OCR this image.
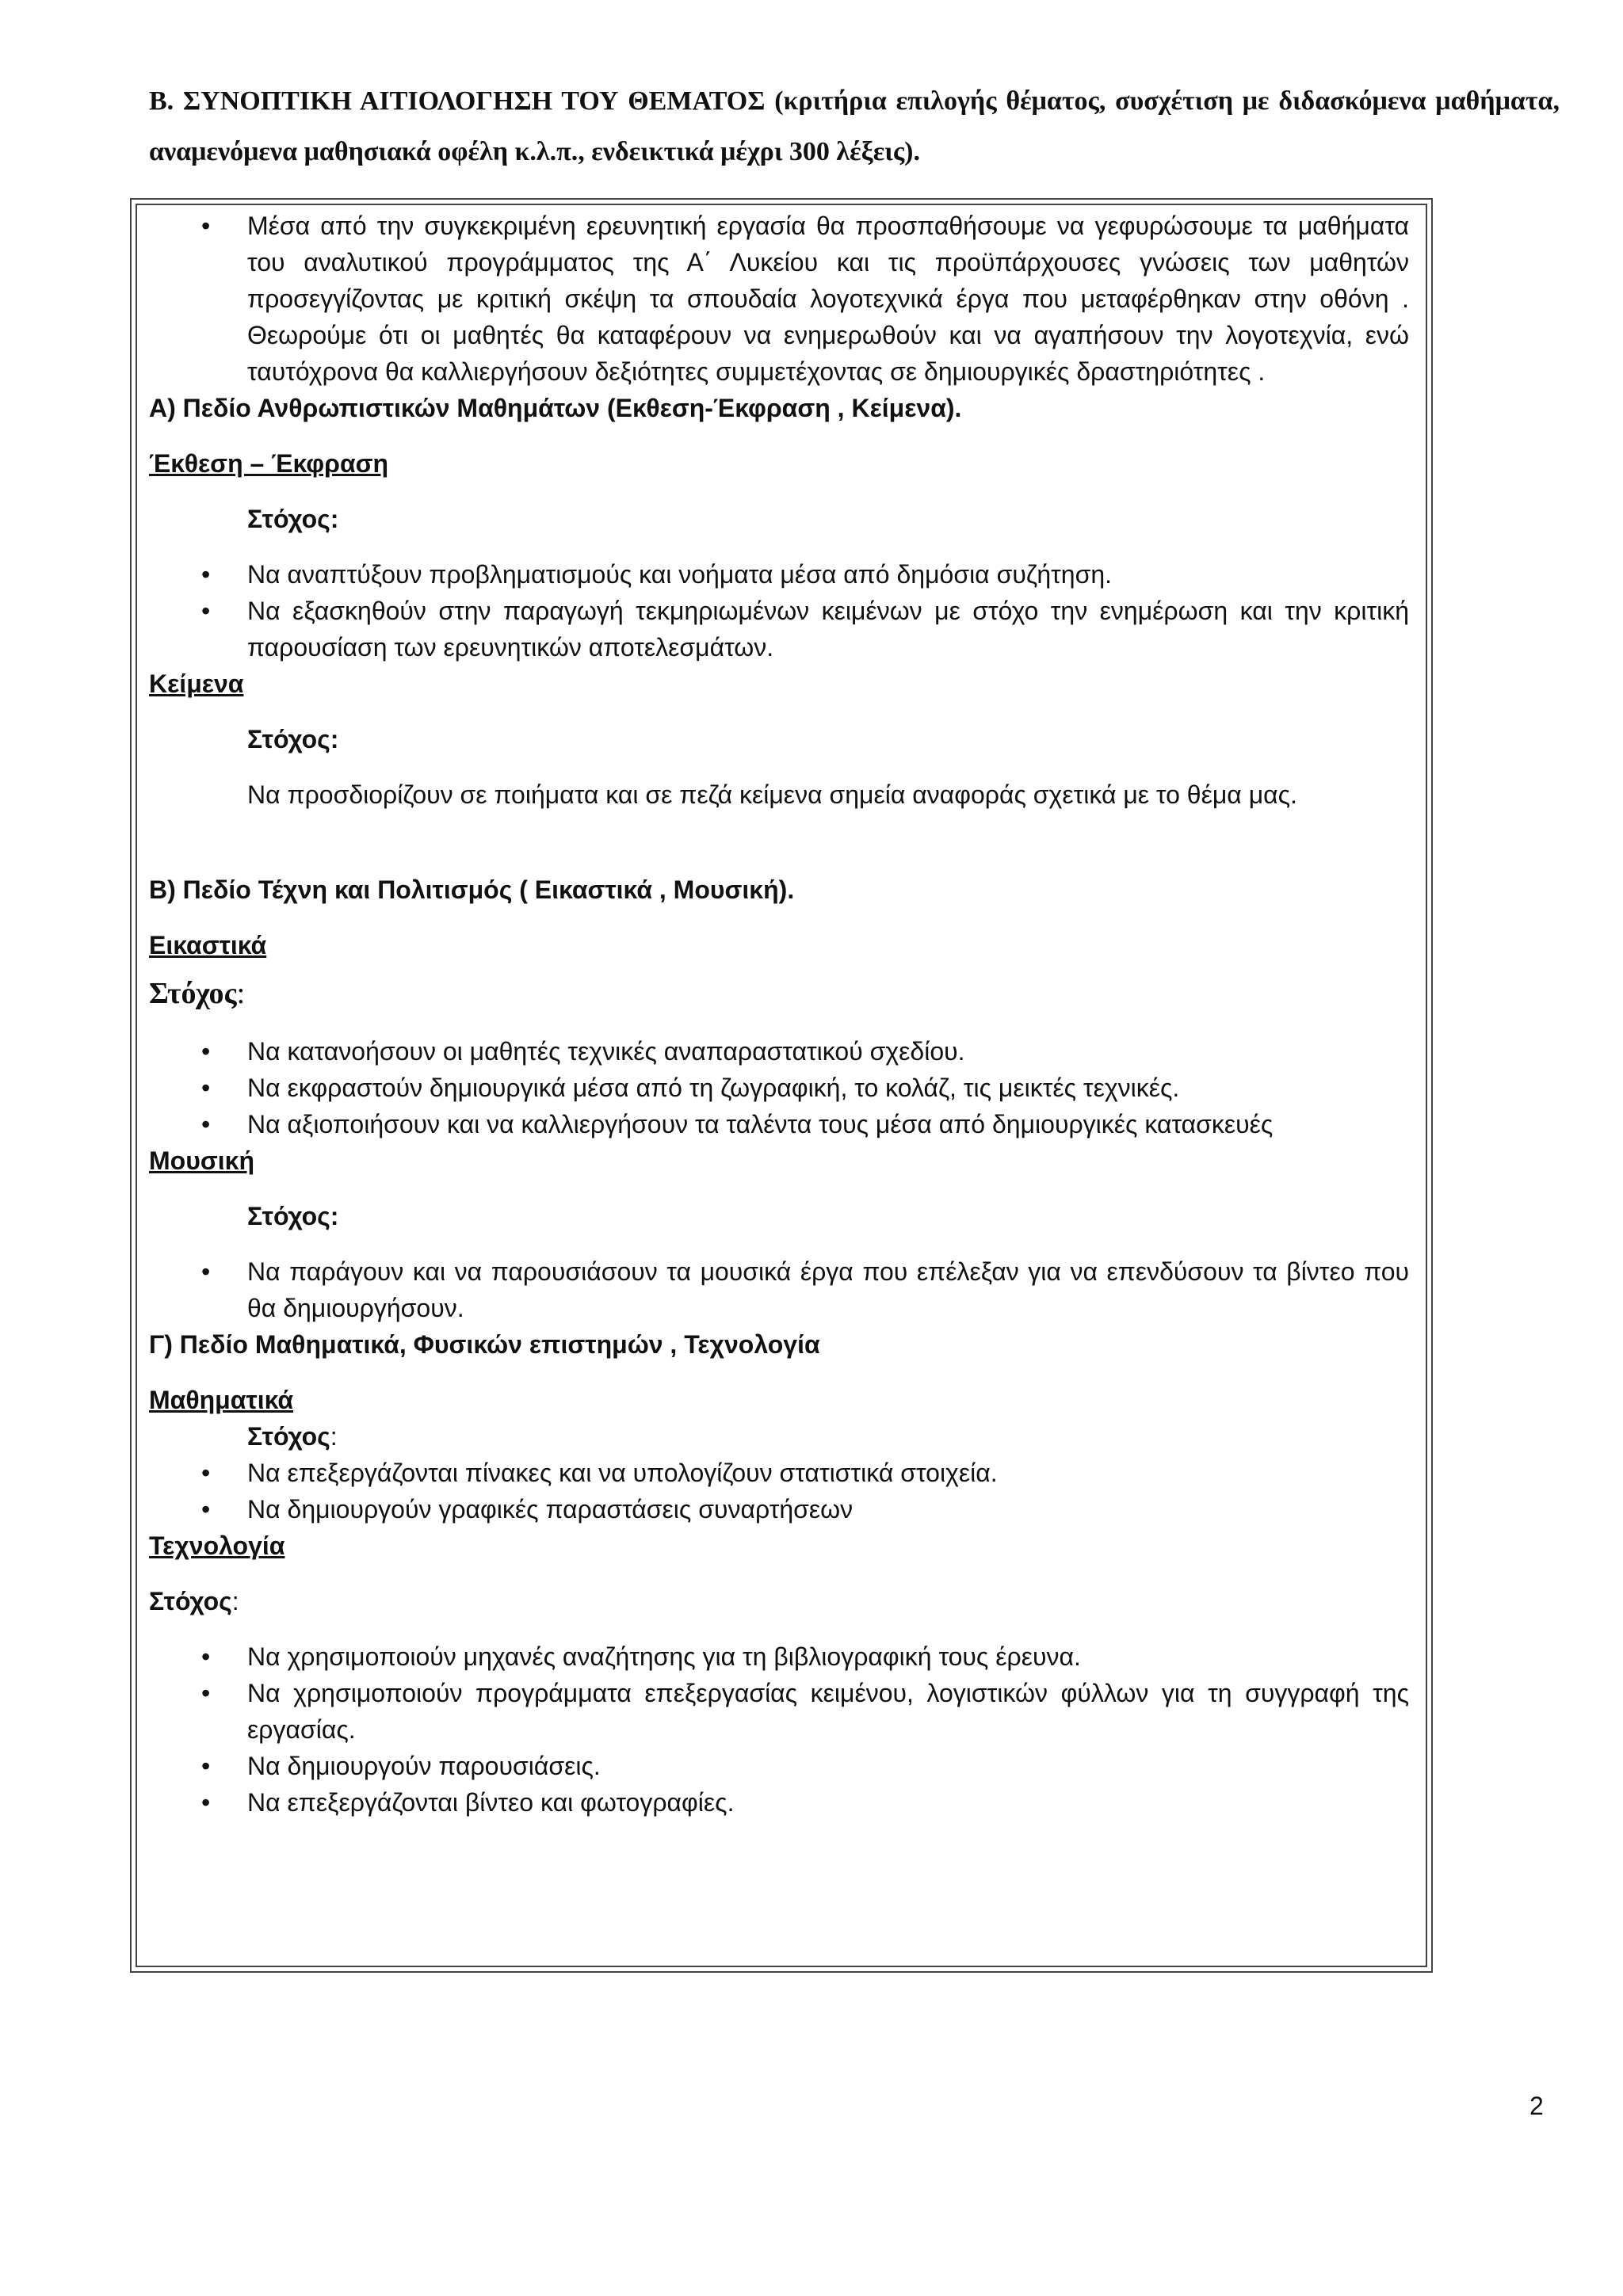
Β. ΣΥΝΟΠΤΙΚΗ ΑΙΤΙΟΛΟΓΗΣΗ ΤΟΥ ΘΕΜΑΤΟΣ (κριτήρια επιλογής θέματος, συσχέτιση με διδασκόμενα μαθήματα, αναμενόμενα μαθησιακά οφέλη κ.λ.π., ενδεικτικά μέχρι 300 λέξεις).
• Μέσα από την συγκεκριμένη ερευνητική εργασία θα προσπαθήσουμε να γεφυρώσουμε τα μαθήματα του αναλυτικού προγράμματος της Α΄ Λυκείου και τις προϋπάρχουσες γνώσεις των μαθητών προσεγγίζοντας με κριτική σκέψη τα σπουδαία λογοτεχνικά έργα που μεταφέρθηκαν στην οθόνη . Θεωρούμε ότι οι μαθητές θα καταφέρουν να ενημερωθούν και να αγαπήσουν την λογοτεχνία, ενώ ταυτόχρονα θα καλλιεργήσουν δεξιότητες συμμετέχοντας σε δημιουργικές δραστηριότητες .

Α) Πεδίο Ανθρωπιστικών Μαθημάτων (Εκθεση-Έκφραση , Κείμενα).

Έκθεση – Έκφραση

Στόχος:

• Να αναπτύξουν προβληματισμούς και νοήματα μέσα από δημόσια συζήτηση.
• Να εξασκηθούν στην παραγωγή τεκμηριωμένων κειμένων με στόχο την ενημέρωση και την κριτική παρουσίαση των ερευνητικών αποτελεσμάτων.

Κείμενα

Στόχος:

Να προσδιορίζουν σε ποιήματα και σε πεζά κείμενα σημεία αναφοράς σχετικά με το θέμα μας.

Β) Πεδίο Τέχνη και Πολιτισμός ( Εικαστικά , Μουσική).

Εικαστικά

Στόχος:

• Να κατανοήσουν οι μαθητές τεχνικές αναπαραστατικού σχεδίου.
• Να εκφραστούν δημιουργικά μέσα από τη ζωγραφική, το κολάζ, τις μεικτές τεχνικές.
• Να αξιοποιήσουν και να καλλιεργήσουν τα ταλέντα τους μέσα από δημιουργικές κατασκευές

Μουσική

Στόχος:

• Να παράγουν και να παρουσιάσουν τα μουσικά έργα που επέλεξαν για να επενδύσουν τα βίντεο που θα δημιουργήσουν.

Γ) Πεδίο Μαθηματικά, Φυσικών επιστημών , Τεχνολογία

Μαθηματικά

Στόχος:

• Να επεξεργάζονται πίνακες και να υπολογίζουν στατιστικά στοιχεία.
• Να δημιουργούν γραφικές παραστάσεις συναρτήσεων

Τεχνολογία

Στόχος:

• Να χρησιμοποιούν μηχανές αναζήτησης για τη βιβλιογραφική τους έρευνα.
• Να χρησιμοποιούν προγράμματα επεξεργασίας κειμένου, λογιστικών φύλλων για τη συγγραφή της εργασίας.
• Να δημιουργούν παρουσιάσεις.
• Να επεξεργάζονται βίντεο και φωτογραφίες.
2
